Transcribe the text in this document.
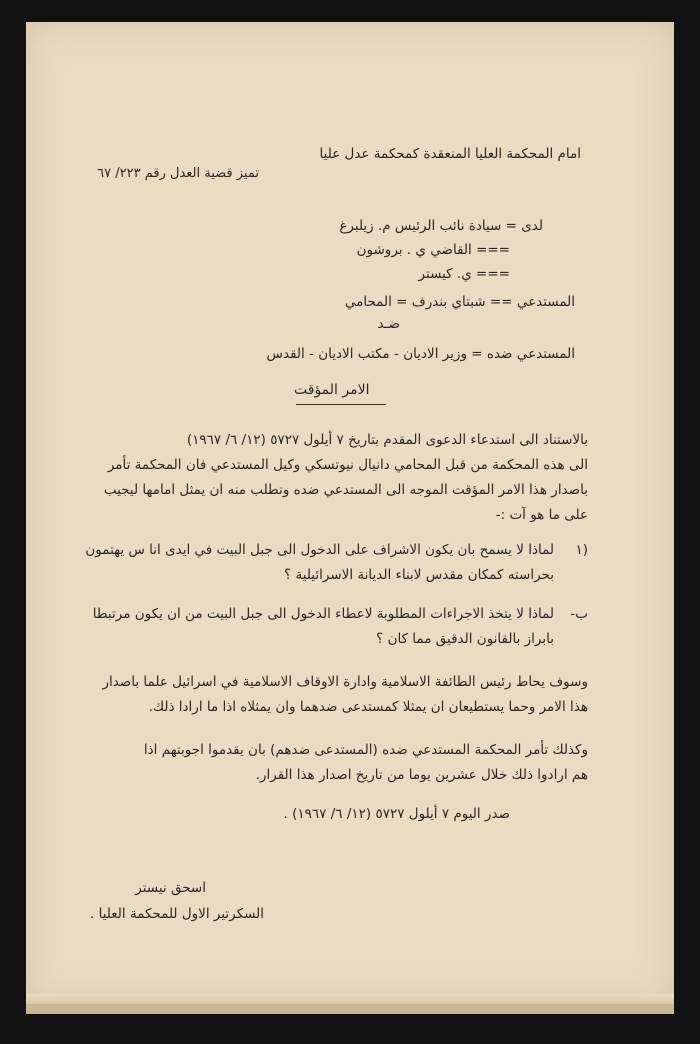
امام المحكمة العليا المنعقدة كمحكمة عدل عليا
تميز قضية العدل رقم ٢٢٣/ ٦٧
لدى = سيادة نائب الرئيس م. زيلبرغ
=== القاضي ي . بروشون
=== ي. كيستر
المستدعي == شبتاي بندرف = المحامي
ضـد
المستدعي ضده = وزير الاديان - مكتب الاديان - القدس
الامر المؤقت
بالاستناد الى استدعاء الدعوى المقدم بتاريخ ٧ أيلول ٥٧٢٧ (١٢/ ٦/ ١٩٦٧)
الى هذه المحكمة من قبل المحامي دانيال نيوتسكي وكيل المستدعي فان المحكمة تأمر
باصدار هذا الامر المؤقت الموجه الى المستدعي ضده وتطلب منه ان يمثل امامها ليجيب
على ما هو آت :-
(١
لماذا لا يسمح بان يكون الاشراف على الدخول الى جبل البيت في ايدى انا س يهتمون
بحراسته كمكان مقدس لابناء الديانة الاسرائيلية ؟
ب-
لماذا لا يتخذ الاجراءات المطلوبة لاعطاء الدخول الى جبل البيت من ان يكون مرتبطا
بابراز بالقانون الدقيق مما كان ؟
وسوف يحاط رئيس الطائفة الاسلامية وادارة الاوقاف الاسلامية في اسرائيل علما باصدار
هذا الامر وحما يستطيعان ان يمثلا كمستدعى ضدهما وان يمثلاه اذا ما ارادا ذلك.
وكذلك تأمر المحكمة المستدعي ضده (المستدعى ضدهم) بان يقدموا اجوبتهم اذا
هم ارادوا ذلك خلال عشرين يوما من تاريخ اصدار هذا القرار.
صدر اليوم ٧ أيلول ٥٧٢٧ (١٢/ ٦/ ١٩٦٧) .
اسحق نيستر
السكرتير الاول للمحكمة العليا .
